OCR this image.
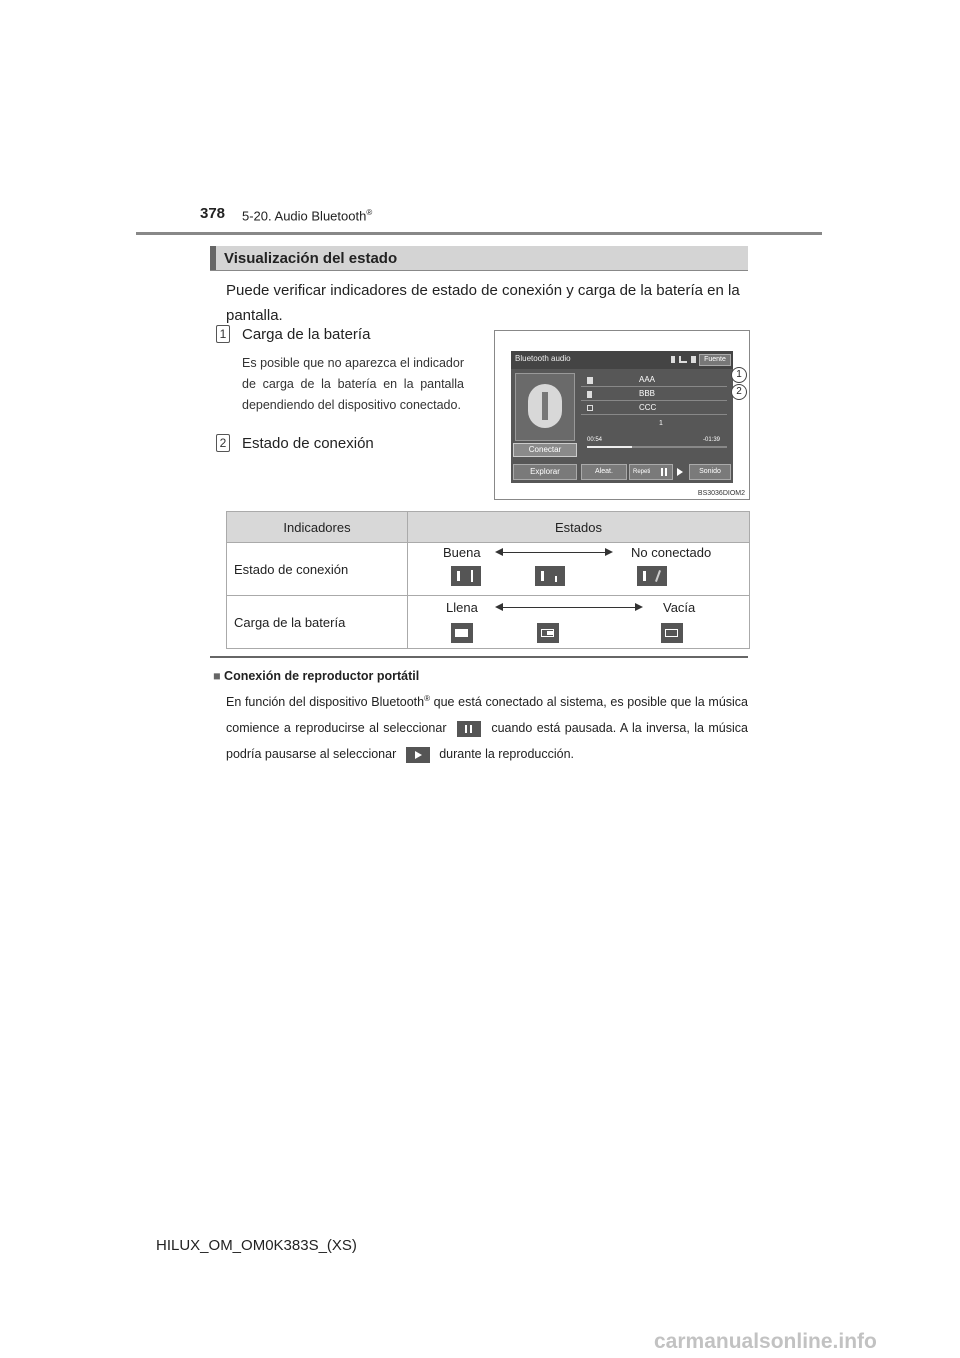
378 5-20. Audio Bluetooth®
Visualización del estado
Puede verificar indicadores de estado de conexión y carga de la batería en la pantalla.
1 Carga de la batería
Es posible que no aparezca el indicador de carga de la batería en la pantalla dependiendo del dispositivo conectado.
2 Estado de conexión
Bluetooth audio	Fuente
AAA
BBB
CCC
1
Conectar
00:54	-01:39
Explorar	Aleat.	Repeti	Sonido
1
2
BS3036DIOM2
Indicadores	Estados
Estado de conexión	Buena No conectado

Carga de la batería	Llena Vacía
■ Conexión de reproductor portátil
En función del dispositivo Bluetooth® que está conectado al sistema, es posible que la música comience a reproducirse al seleccionar	cuando está pausada. A la inversa, la música podría pausarse al seleccionar	durante la reproducción.
HILUX_OM_OM0K383S_(XS)
carmanualsonline.info
